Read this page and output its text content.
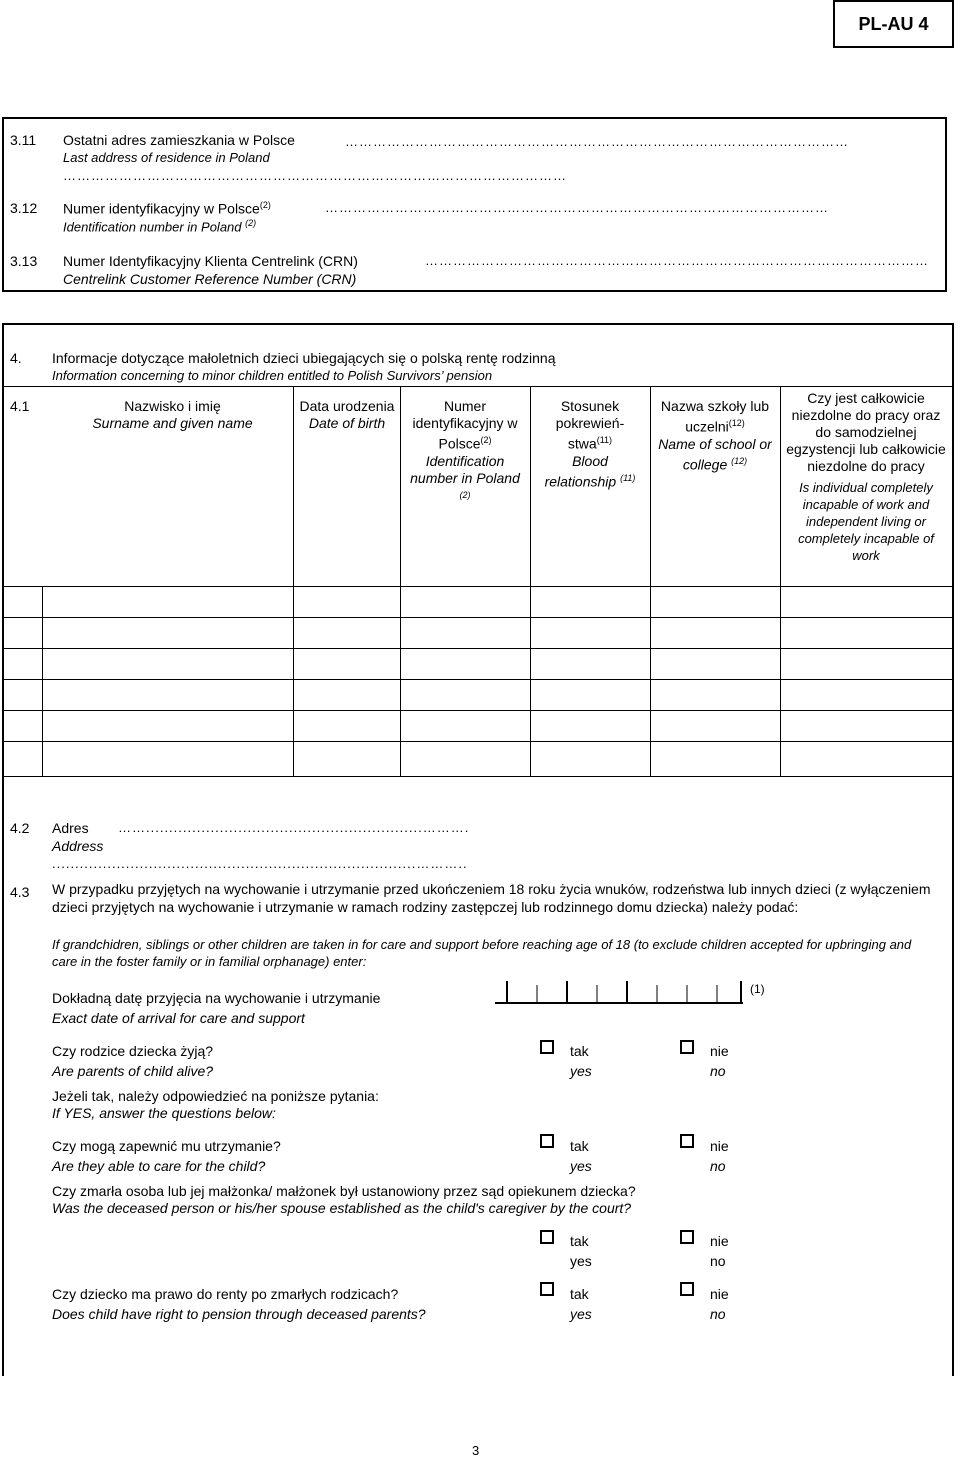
PL-AU 4
3.11 Ostatni adres zamieszkania w Polsce
Last address of residence in Poland
………………………………………………………………………………………………
………………………………………………………………………………………………
3.12 Numer identyfikacyjny w Polsce$^{(2)}$
Identification number in Poland $^{(2)}$
………………………………………………………………………………………………
3.13 Numer Identyfikacyjny Klienta Centrelink (CRN)
Centrelink Customer Reference Number (CRN)
………………………………………………………………………………………………
4. Informacje dotyczące małoletnich dzieci ubiegających się o polską rentę rodzinną
Information concerning to minor children entitled to Polish Survivors’ pension
4.1	Nazwisko i imię
Surname and given name
Data urodzenia
Date of birth
Numer identyfikacyjny w Polsce$^{(2)}$
Identification number in Poland $^{(2)}$
Stosunek pokrewień-stwa$^{(11)}$
Blood relationship $^{(11)}$
Nazwa szkoły lub uczelni$^{(12)}$
Name of school or college $^{(12)}$
Czy jest całkowicie niezdolne do pracy oraz do samodzielnej egzystencji lub całkowicie niezdolne do pracy
Is individual completely incapable of work and independent living or completely incapable of work
4.2 Adres
Address
……............................................................……….
...............................................................................………..
4.3 W przypadku przyjętych na wychowanie i utrzymanie przed ukończeniem 18 roku życia wnuków, rodzeństwa lub innych dzieci (z wyłączeniem dzieci przyjętych na wychowanie i utrzymanie w ramach rodziny zastępczej lub rodzinnego domu dziecka) należy podać:
If grandchidren, siblings or other children are taken in for care and support before reaching age of 18 (to exclude children accepted for upbringing and care in the foster family or in familial orphanage) enter:
Dokładną datę przyjęcia na wychowanie i utrzymanie
Exact date of arrival for care and support
(1)
Czy rodzice dziecka żyją?
Are parents of child alive?
tak
yes
nie
no
Jeżeli tak, należy odpowiedzieć na poniższe pytania:
If YES, answer the questions below:
Czy mogą zapewnić mu utrzymanie?
Are they able to care for the child?
tak
yes
nie
no
Czy zmarła osoba lub jej małżonka/ małżonek był ustanowiony przez sąd opiekunem dziecka?
Was the deceased person or his/her spouse established as the child's caregiver by the court?
tak
yes
nie
no
Czy dziecko ma prawo do renty po zmarłych rodzicach?
Does child have right to pension through deceased parents?
tak
yes
nie
no
3
